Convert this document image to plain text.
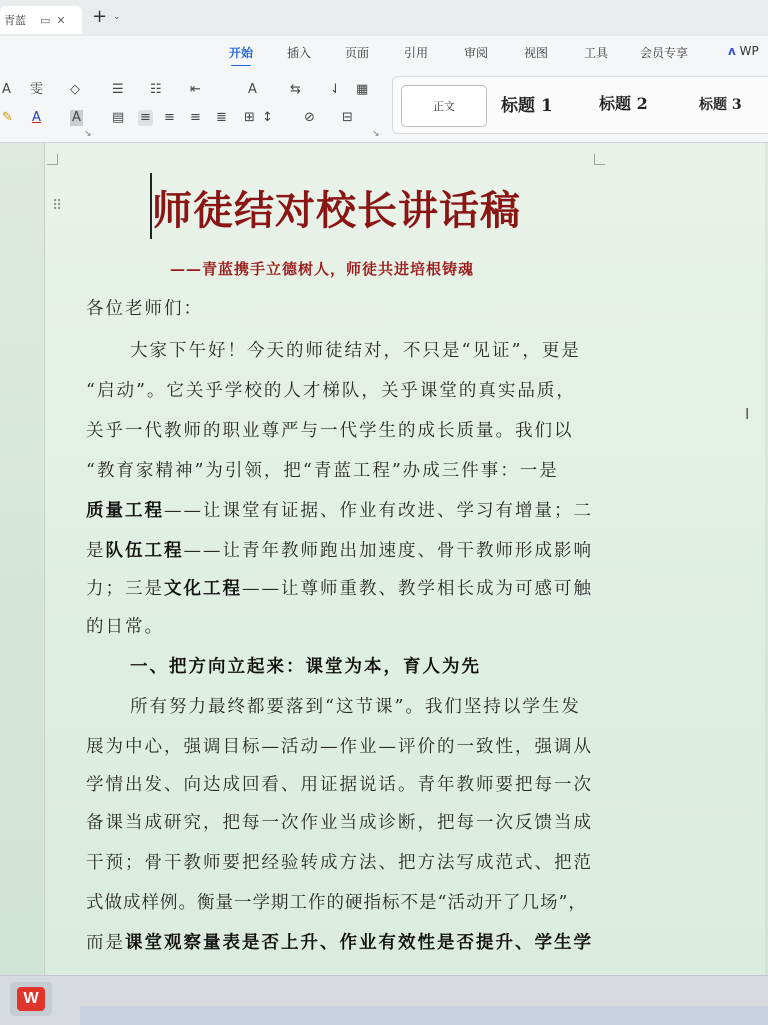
青蓝	▭ ✕ + ⌄
开始	插入	页面	引用	审阅	视图	工具	会员专享	ʌ WP
A 雯 ◇ ☰ ☷ ⇤	A	⇆ ⇃ ▦
✎ A A ▤ ≡ ≡ ≡ ≣ ⊞ ↕ ⊘ ⊟
↘	↘
正文	标题 1	标题 2	标题 3
⠿
I
师徒结对校长讲话稿
——青蓝携手立德树人，师徒共进培根铸魂
各位老师们：
大家下午好！今天的师徒结对，不只是“见证”，更是
“启动”。它关乎学校的人才梯队，关乎课堂的真实品质，
关乎一代教师的职业尊严与一代学生的成长质量。我们以
“教育家精神”为引领，把“青蓝工程”办成三件事：一是
质量工程——让课堂有证据、作业有改进、学习有增量；二
是队伍工程——让青年教师跑出加速度、骨干教师形成影响
力；三是文化工程——让尊师重教、教学相长成为可感可触
的日常。
一、把方向立起来：课堂为本，育人为先
所有努力最终都要落到“这节课”。我们坚持以学生发
展为中心，强调目标—活动—作业—评价的一致性，强调从
学情出发、向达成回看、用证据说话。青年教师要把每一次
备课当成研究，把每一次作业当成诊断，把每一次反馈当成
干预；骨干教师要把经验转成方法、把方法写成范式、把范
式做成样例。衡量一学期工作的硬指标不是“活动开了几场”，
而是课堂观察量表是否上升、作业有效性是否提升、学生学
W
